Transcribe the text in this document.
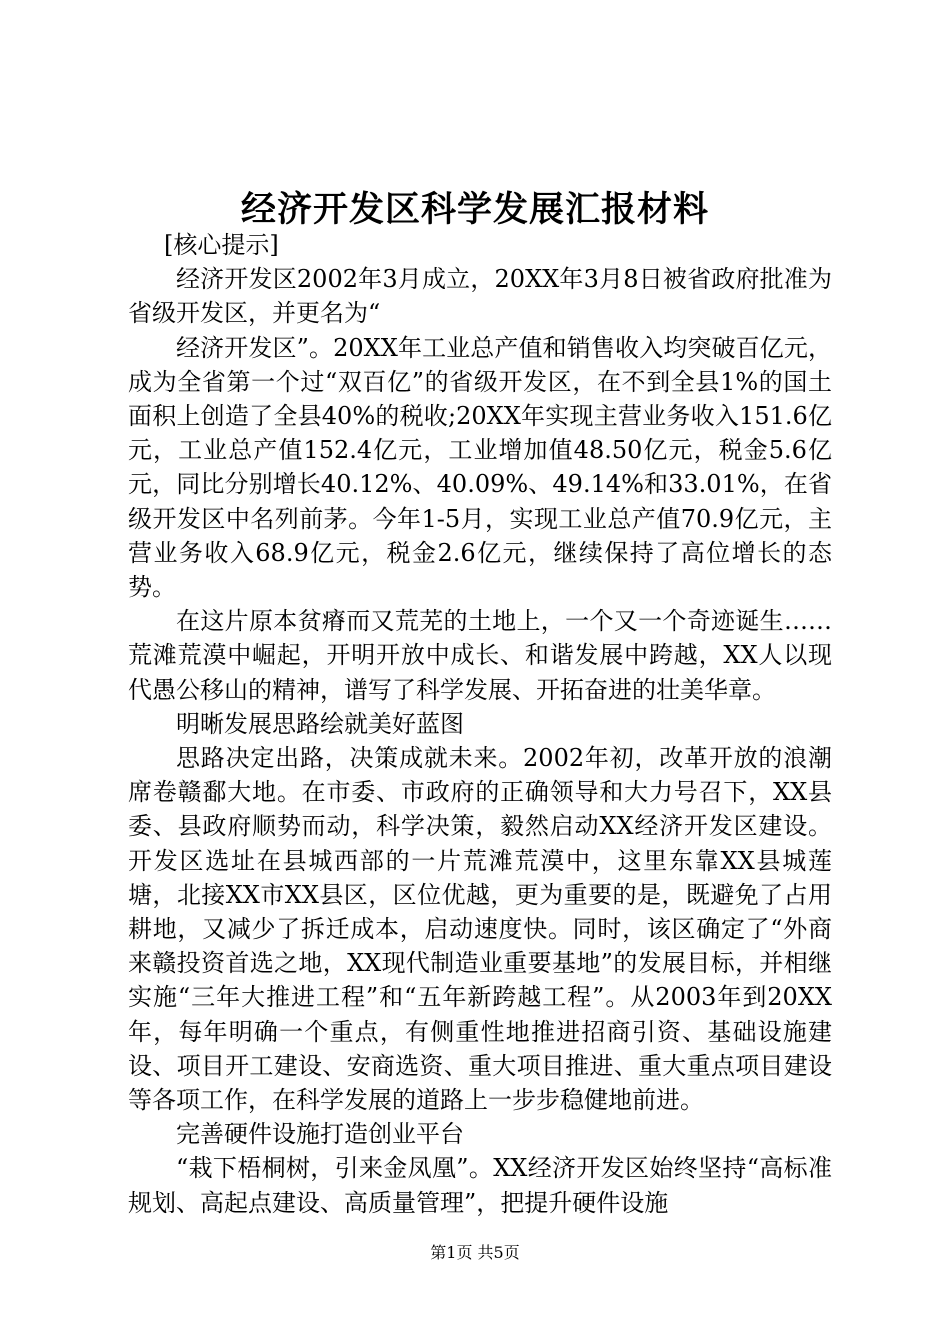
经济开发区科学发展汇报材料

[核心提示]

经济开发区2002年3月成立，20XX年3月8日被省政府批准为省级开发区，并更名为“

经济开发区”。20XX年工业总产值和销售收入均突破百亿元，成为全省第一个过“双百亿”的省级开发区，在不到全县1%的国土面积上创造了全县40%的税收;20XX年实现主营业务收入151.6亿元，工业总产值152.4亿元，工业增加值48.50亿元，税金5.6亿元，同比分别增长40.12%、40.09%、49.14%和33.01%，在省级开发区中名列前茅。今年1-5月，实现工业总产值70.9亿元，主营业务收入68.9亿元，税金2.6亿元，继续保持了高位增长的态势。

在这片原本贫瘠而又荒芜的土地上，一个又一个奇迹诞生……荒滩荒漠中崛起，开明开放中成长、和谐发展中跨越，XX人以现代愚公移山的精神，谱写了科学发展、开拓奋进的壮美华章。

明晰发展思路绘就美好蓝图

思路决定出路，决策成就未来。2002年初，改革开放的浪潮席卷赣鄱大地。在市委、市政府的正确领导和大力号召下，XX县委、县政府顺势而动，科学决策，毅然启动XX经济开发区建设。开发区选址在县城西部的一片荒滩荒漠中，这里东靠XX县城莲塘，北接XX市XX县区，区位优越，更为重要的是，既避免了占用耕地，又减少了拆迁成本，启动速度快。同时，该区确定了“外商来赣投资首选之地，XX现代制造业重要基地”的发展目标，并相继实施“三年大推进工程”和“五年新跨越工程”。从2003年到20XX年，每年明确一个重点，有侧重性地推进招商引资、基础设施建设、项目开工建设、安商选资、重大项目推进、重大重点项目建设等各项工作，在科学发展的道路上一步步稳健地前进。

完善硬件设施打造创业平台

“栽下梧桐树，引来金凤凰”。XX经济开发区始终坚持“高标准规划、高起点建设、高质量管理”，把提升硬件设施

第1页 共5页
